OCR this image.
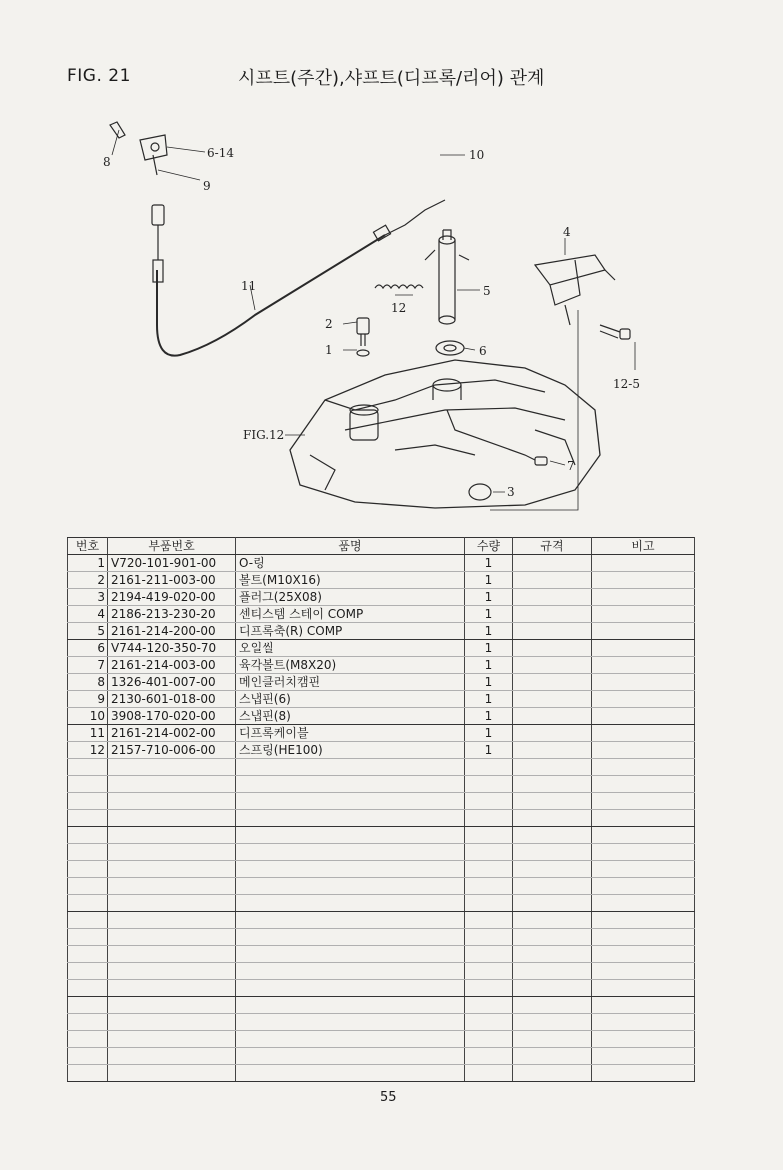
FIG. 21	시프트(주간),샤프트(디프록/리어) 관계
8
6-14
9
10
11
12
5
2
1	6
4
12-5
FIG.12
7
3
번호	부품번호	품명	수량	규격	비고
1	V720-101-901-00	O-링	1		
2	2161-211-003-00	볼트(M10X16)	1		
3	2194-419-020-00	플러그(25X08)	1		
4	2186-213-230-20	센티스템 스테이 COMP	1		
5	2161-214-200-00	디프록축(R) COMP	1		
6	V744-120-350-70	오일씰	1		
7	2161-214-003-00	육각볼트(M8X20)	1		
8	1326-401-007-00	메인클러치캠핀	1		
9	2130-601-018-00	스냅핀(6)	1		
10	3908-170-020-00	스냅핀(8)	1		
11	2161-214-002-00	디프록케이블	1		
12	2157-710-006-00	스프링(HE100)	1		

55
